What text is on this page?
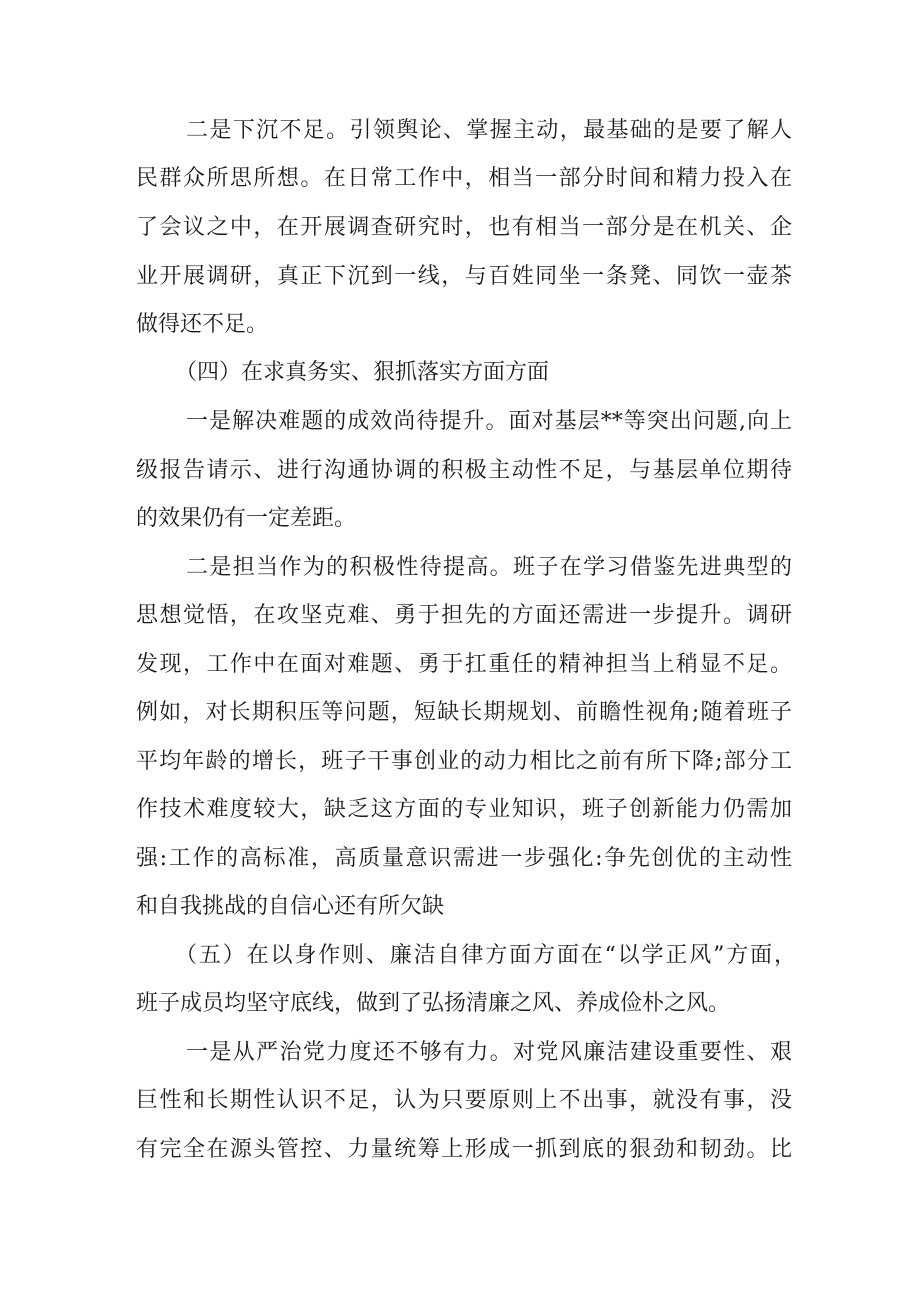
二是下沉不足。引领舆论、掌握主动，最基础的是要了解人
民群众所思所想。在日常工作中，相当一部分时间和精力投入在
了会议之中，在开展调查研究时，也有相当一部分是在机关、企
业开展调研，真正下沉到一线，与百姓同坐一条凳、同饮一壶茶
做得还不足。
（四）在求真务实、狠抓落实方面方面
一是解决难题的成效尚待提升。面对基层**等突出问题,向上
级报告请示、进行沟通协调的积极主动性不足，与基层单位期待
的效果仍有一定差距。
二是担当作为的积极性待提高。班子在学习借鉴先进典型的
思想觉悟，在攻坚克难、勇于担先的方面还需进一步提升。调研
发现，工作中在面对难题、勇于扛重任的精神担当上稍显不足。
例如，对长期积压等问题，短缺长期规划、前瞻性视角;随着班子
平均年龄的增长，班子干事创业的动力相比之前有所下降;部分工
作技术难度较大，缺乏这方面的专业知识，班子创新能力仍需加
强:工作的高标准，高质量意识需进一步强化:争先创优的主动性
和自我挑战的自信心还有所欠缺
（五）在以身作则、廉洁自律方面方面在“以学正风”方面，
班子成员均坚守底线，做到了弘扬清廉之风、养成俭朴之风。
一是从严治党力度还不够有力。对党风廉洁建设重要性、艰
巨性和长期性认识不足，认为只要原则上不出事，就没有事，没
有完全在源头管控、力量统筹上形成一抓到底的狠劲和韧劲。比
